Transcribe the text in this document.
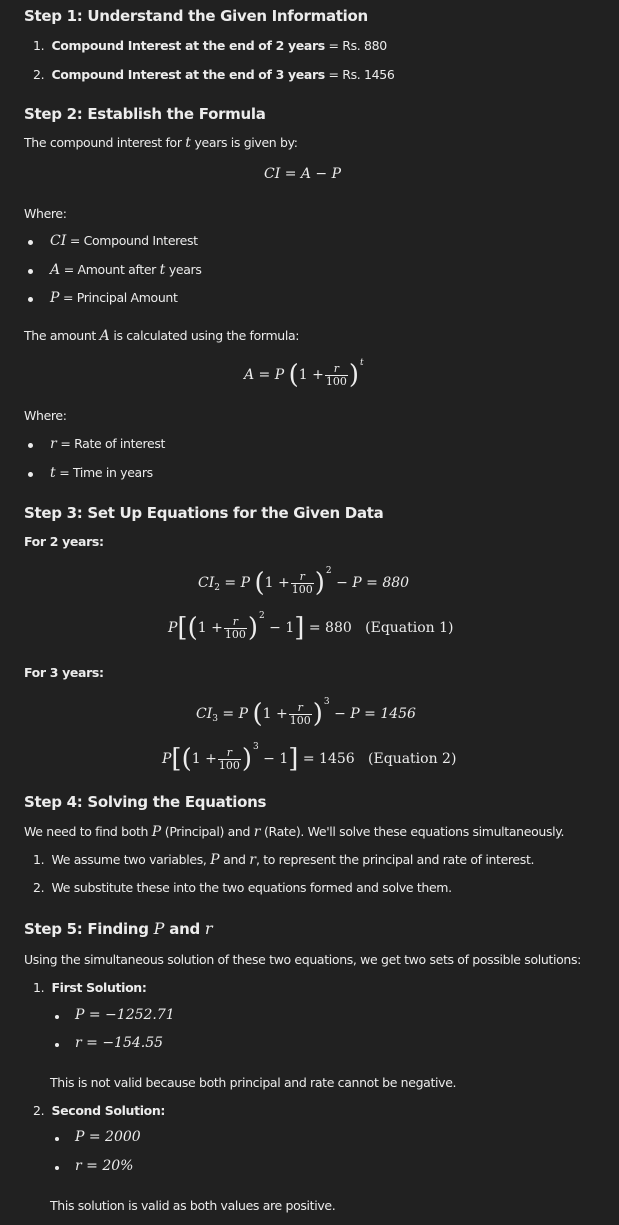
Step 1: Understand the Given Information
1. Compound Interest at the end of 2 years = Rs. 880
2. Compound Interest at the end of 3 years = Rs. 1456
Step 2: Establish the Formula
The compound interest for t years is given by:
CI = A − P
Where:
CI = Compound Interest
A = Amount after t years
P = Principal Amount
The amount A is calculated using the formula:
A = P $(1 + \frac{r}{100} )^t$
Where:
r = Rate of interest
t = Time in years
Step 3: Set Up Equations for the Given Data
For 2 years:
$CI_2 = P$ $(1 + \frac{r}{100} )^2 - P = 880$
$P[(1 + \frac{r}{100} )^2 - 1] = 880$ (Equation 1)
For 3 years:
$CI_3 = P$ $(1 + \frac{r}{100} )^3 - P = 1456$
$P[(1 + \frac{r}{100} )^3 - 1] = 1456$ (Equation 2)
Step 4: Solving the Equations
We need to find both P (Principal) and r (Rate). We'll solve these equations simultaneously.
1. We assume two variables, P and r, to represent the principal and rate of interest.
2. We substitute these into the two equations formed and solve them.
Step 5: Finding P and r
Using the simultaneous solution of these two equations, we get two sets of possible solutions:
1. First Solution:
P = −1252.71
r = −154.55
This is not valid because both principal and rate cannot be negative.
2. Second Solution:
P = 2000
r = 20%
This solution is valid as both values are positive.
